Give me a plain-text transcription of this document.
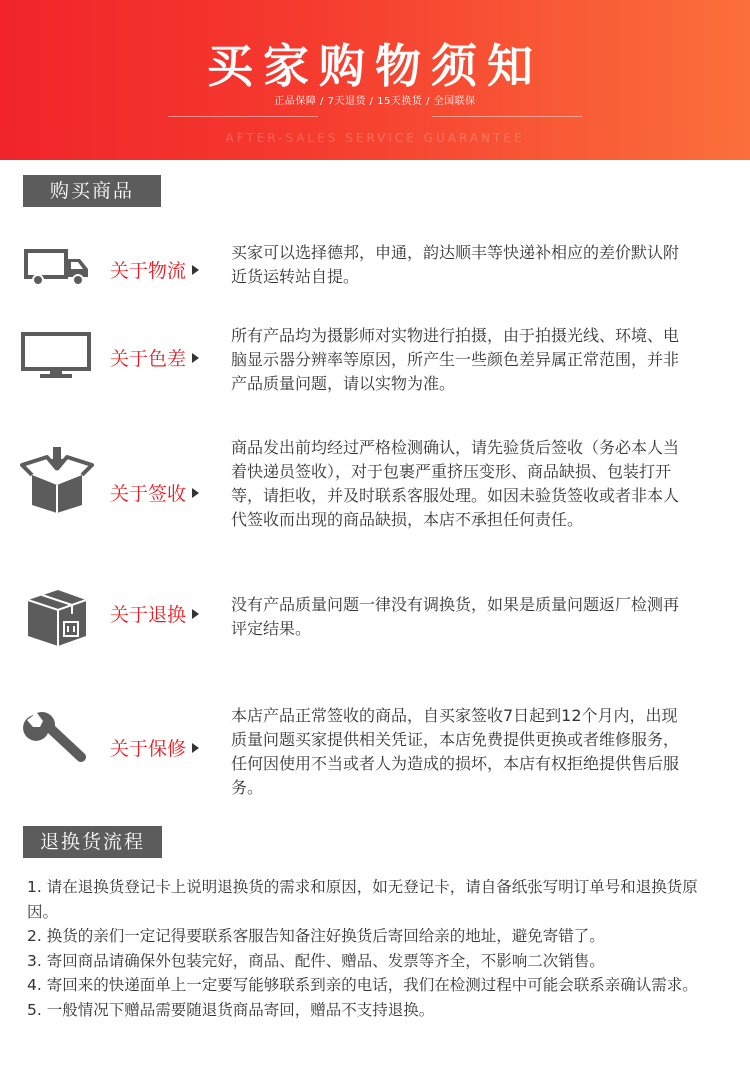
买家购物须知
正品保障 / 7天退货 / 15天换货 / 全国联保
AFTER-SALES SERVICE GUARANTEE
购买商品
关于物流
买家可以选择德邦，申通，韵达顺丰等快递补相应的差价默认附近货运转站自提。
关于色差
所有产品均为摄影师对实物进行拍摄，由于拍摄光线、环境、电脑显示器分辨率等原因，所产生一些颜色差异属正常范围，并非产品质量问题，请以实物为准。
关于签收
商品发出前均经过严格检测确认，请先验货后签收（务必本人当着快递员签收），对于包裹严重挤压变形、商品缺损、包装打开等，请拒收，并及时联系客服处理。如因未验货签收或者非本人代签收而出现的商品缺损，本店不承担任何责任。
关于退换	没有产品质量问题一律没有调换货，如果是质量问题返厂检测再评定结果。
关于保修
本店产品正常签收的商品，自买家签收7日起到12个月内，出现质量问题买家提供相关凭证，本店免费提供更换或者维修服务，任何因使用不当或者人为造成的损坏，本店有权拒绝提供售后服务。
退换货流程
1. 请在退换货登记卡上说明退换货的需求和原因，如无登记卡，请自备纸张写明订单号和退换货原因。
2. 换货的亲们一定记得要联系客服告知备注好换货后寄回给亲的地址，避免寄错了。
3. 寄回商品请确保外包装完好，商品、配件、赠品、发票等齐全，不影响二次销售。
4. 寄回来的快递面单上一定要写能够联系到亲的电话，我们在检测过程中可能会联系亲确认需求。
5. 一般情况下赠品需要随退货商品寄回，赠品不支持退换。
